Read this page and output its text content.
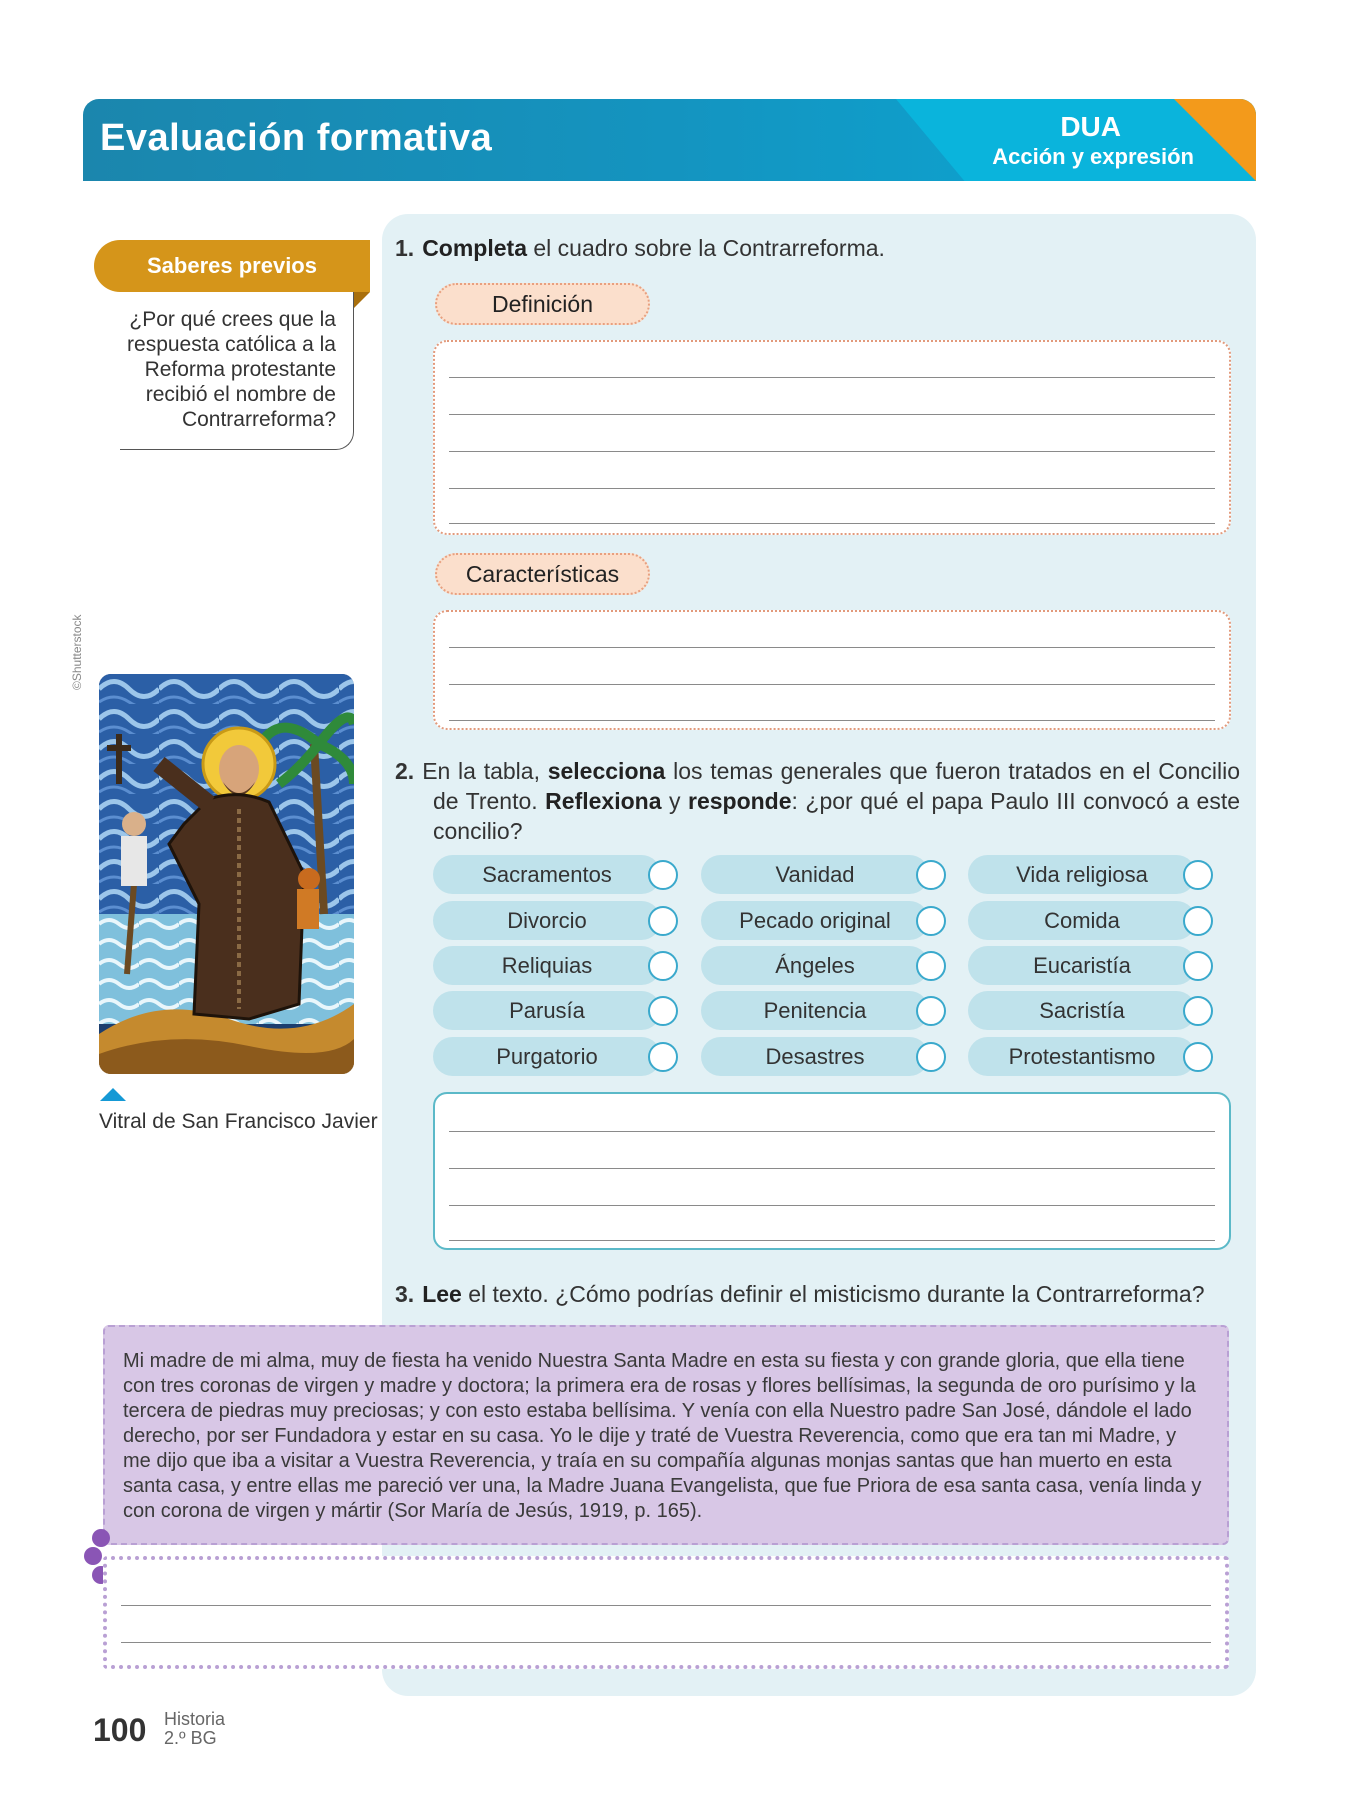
Evaluación formativa	DUA
Acción y expresión
Saberes previos
¿Por qué crees que la respuesta católica a la Reforma protestante recibió el nombre de Contrarreforma?
©Shutterstock
Vitral de San Francisco Javier
1. Completa el cuadro sobre la Contrarreforma.
Definición
Características
2. En la tabla, selecciona los temas generales que fueron tratados en el Concilio de Trento. Reflexiona y responde: ¿por qué el papa Paulo III convocó a este concilio?
Sacramentos	Vanidad	Vida religiosa
Divorcio	Pecado original	Comida
Reliquias	Ángeles	Eucaristía
Parusía	Penitencia	Sacristía
Purgatorio	Desastres	Protestantismo
3. Lee el texto. ¿Cómo podrías definir el misticismo durante la Contrarreforma?
Mi madre de mi alma, muy de fiesta ha venido Nuestra Santa Madre en esta su fiesta y con grande gloria, que ella tiene con tres coronas de virgen y madre y doctora; la primera era de rosas y flores bellísimas, la segunda de oro purísimo y la tercera de piedras muy preciosas; y con esto estaba bellísima. Y venía con ella Nuestro padre San José, dándole el lado derecho, por ser Fundadora y estar en su casa. Yo le dije y traté de Vuestra Reverencia, como que era tan mi Madre, y me dijo que iba a visitar a Vuestra Reverencia, y traía en su compañía algunas monjas santas que han muerto en esta santa casa, y entre ellas me pareció ver una, la Madre Juana Evangelista, que fue Priora de esa santa casa, venía linda y con corona de virgen y mártir (Sor María de Jesús, 1919, p. 165).
100 Historia
2.º BG
